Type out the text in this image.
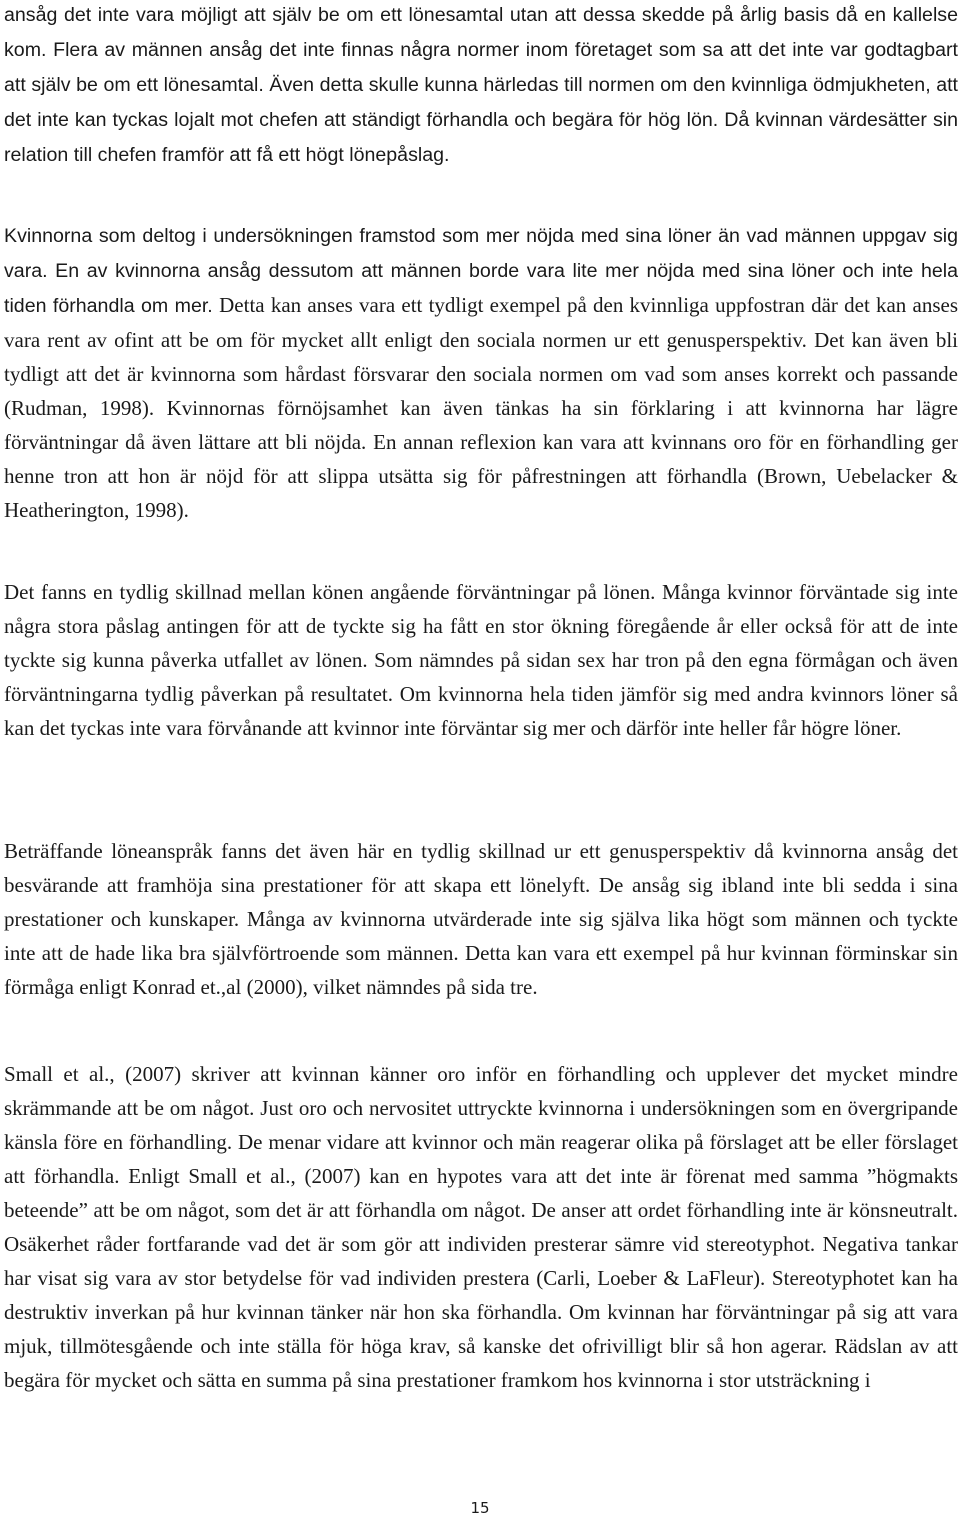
ansåg det inte vara möjligt att själv be om ett lönesamtal utan att dessa skedde på årlig basis då en kallelse kom. Flera av männen ansåg det inte finnas några normer inom företaget som sa att det inte var godtagbart att själv be om ett lönesamtal. Även detta skulle kunna härledas till normen om den kvinnliga ödmjukheten, att det inte kan tyckas lojalt mot chefen att ständigt förhandla och begära för hög lön. Då kvinnan värdesätter sin relation till chefen framför att få ett högt lönepåslag.

Kvinnorna som deltog i undersökningen framstod som mer nöjda med sina löner än vad männen uppgav sig vara. En av kvinnorna ansåg dessutom att männen borde vara lite mer nöjda med sina löner och inte hela tiden förhandla om mer. Detta kan anses vara ett tydligt exempel på den kvinnliga uppfostran där det kan anses vara rent av ofint att be om för mycket allt enligt den sociala normen ur ett genusperspektiv. Det kan även bli tydligt att det är kvinnorna som hårdast försvarar den sociala normen om vad som anses korrekt och passande (Rudman, 1998). Kvinnornas förnöjsamhet kan även tänkas ha sin förklaring i att kvinnorna har lägre förväntningar då även lättare att bli nöjda. En annan reflexion kan vara att kvinnans oro för en förhandling ger henne tron att hon är nöjd för att slippa utsätta sig för påfrestningen att förhandla (Brown, Uebelacker & Heatherington, 1998).

Det fanns en tydlig skillnad mellan könen angående förväntningar på lönen. Många kvinnor förväntade sig inte några stora påslag antingen för att de tyckte sig ha fått en stor ökning föregående år eller också för att de inte tyckte sig kunna påverka utfallet av lönen. Som nämndes på sidan sex har tron på den egna förmågan och även förväntningarna tydlig påverkan på resultatet. Om kvinnorna hela tiden jämför sig med andra kvinnors löner så kan det tyckas inte vara förvånande att kvinnor inte förväntar sig mer och därför inte heller får högre löner.

Beträffande löneanspråk fanns det även här en tydlig skillnad ur ett genusperspektiv då kvinnorna ansåg det besvärande att framhöja sina prestationer för att skapa ett lönelyft. De ansåg sig ibland inte bli sedda i sina prestationer och kunskaper. Många av kvinnorna utvärderade inte sig själva lika högt som männen och tyckte inte att de hade lika bra självförtroende som männen. Detta kan vara ett exempel på hur kvinnan förminskar sin förmåga enligt Konrad et.,al (2000), vilket nämndes på sida tre.

Small et al., (2007) skriver att kvinnan känner oro inför en förhandling och upplever det mycket mindre skrämmande att be om något. Just oro och nervositet uttryckte kvinnorna i undersökningen som en övergripande känsla före en förhandling. De menar vidare att kvinnor och män reagerar olika på förslaget att be eller förslaget att förhandla. Enligt Small et al., (2007) kan en hypotes vara att det inte är förenat med samma ”högmakts beteende” att be om något, som det är att förhandla om något. De anser att ordet förhandling inte är könsneutralt. Osäkerhet råder fortfarande vad det är som gör att individen presterar sämre vid stereotyphot. Negativa tankar har visat sig vara av stor betydelse för vad individen prestera (Carli, Loeber & LaFleur). Stereotyphotet kan ha destruktiv inverkan på hur kvinnan tänker när hon ska förhandla. Om kvinnan har förväntningar på sig att vara mjuk, tillmötesgående och inte ställa för höga krav, så kanske det ofrivilligt blir så hon agerar. Rädslan av att begära för mycket och sätta en summa på sina prestationer framkom hos kvinnorna i stor utsträckning i

15
